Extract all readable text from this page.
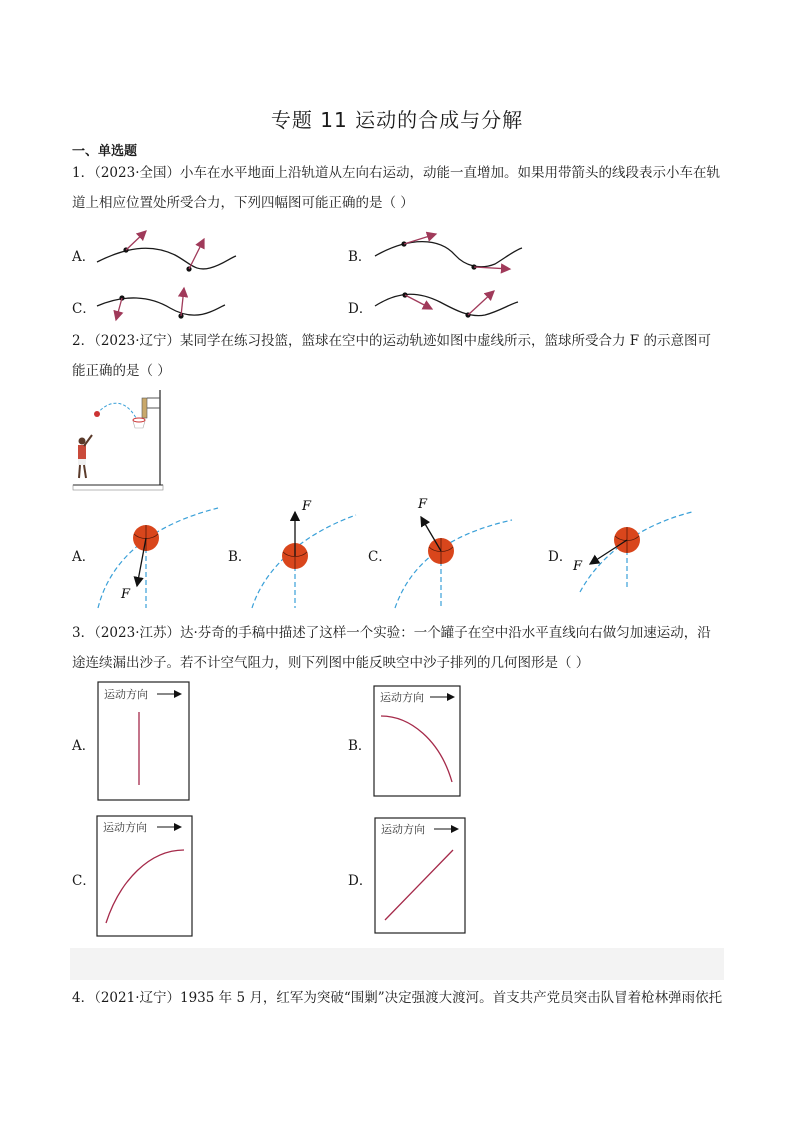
专题 11 运动的合成与分解
一、单选题
1．（2023·全国）小车在水平地面上沿轨道从左向右运动，动能一直增加。如果用带箭头的线段表示小车在轨道上相应位置处所受合力，下列四幅图可能正确的是（ ）
A．	B．
C．	D．
2．（2023·辽宁）某同学在练习投篮，篮球在空中的运动轨迹如图中虚线所示，篮球所受合力 F 的示意图可能正确的是（ ）
A．	B．	C．	D．
F
F	F
F
3．（2023·江苏）达·芬奇的手稿中描述了这样一个实验：一个罐子在空中沿水平直线向右做匀加速运动，沿途连续漏出沙子。若不计空气阻力，则下列图中能反映空中沙子排列的几何图形是（ ）
A．	B．
C．	D．
运动方向	运动方向
运动方向	运动方向
4．（2021·辽宁）1935 年 5 月，红军为突破“围剿”决定强渡大渡河。首支共产党员突击队冒着枪林弹雨依托
